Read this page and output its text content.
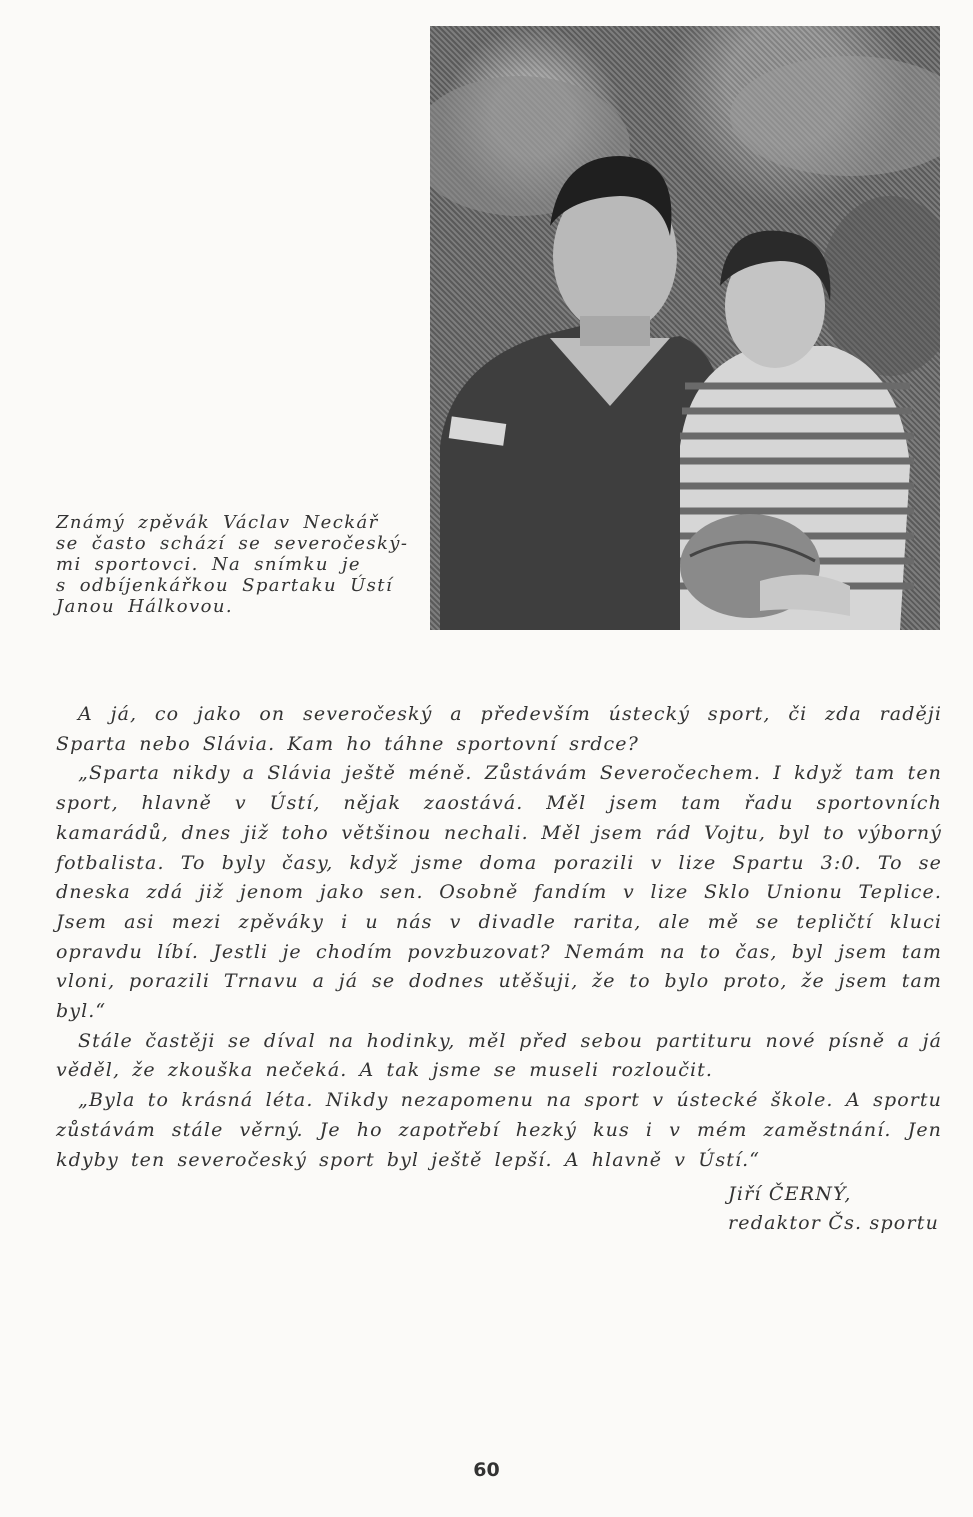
Známý zpěvák Václav Neckář
se často schází se severočeský-
mi sportovci. Na snímku je
s odbíjenkářkou Spartaku Ústí
Janou Hálkovou.

A já, co jako on severočeský a především ústecký sport, či zda raději Sparta nebo Slávia. Kam ho táhne sportovní srdce?

„Sparta nikdy a Slávia ještě méně. Zůstávám Severočechem. I když tam ten sport, hlavně v Ústí, nějak zaostává. Měl jsem tam řadu sportovních kamarádů, dnes již toho většinou nechali. Měl jsem rád Vojtu, byl to výborný fotbalista. To byly časy, když jsme doma porazili v lize Spartu 3:0. To se dneska zdá již jenom jako sen. Osobně fandím v lize Sklo Unionu Teplice. Jsem asi mezi zpěváky i u nás v divadle rarita, ale mě se tepličtí kluci opravdu líbí. Jestli je chodím povzbuzovat? Nemám na to čas, byl jsem tam vloni, porazili Trnavu a já se dodnes utěšuji, že to bylo proto, že jsem tam byl.“

Stále častěji se díval na hodinky, měl před sebou partituru nové písně a já věděl, že zkouška nečeká. A tak jsme se museli rozloučit.

„Byla to krásná léta. Nikdy nezapomenu na sport v ústecké škole. A sportu zůstávám stále věrný. Je ho zapotřebí hezký kus i v mém zaměstnání. Jen kdyby ten severočeský sport byl ještě lepší. A hlavně v Ústí.“

Jiří ČERNÝ,
redaktor Čs. sportu
60
